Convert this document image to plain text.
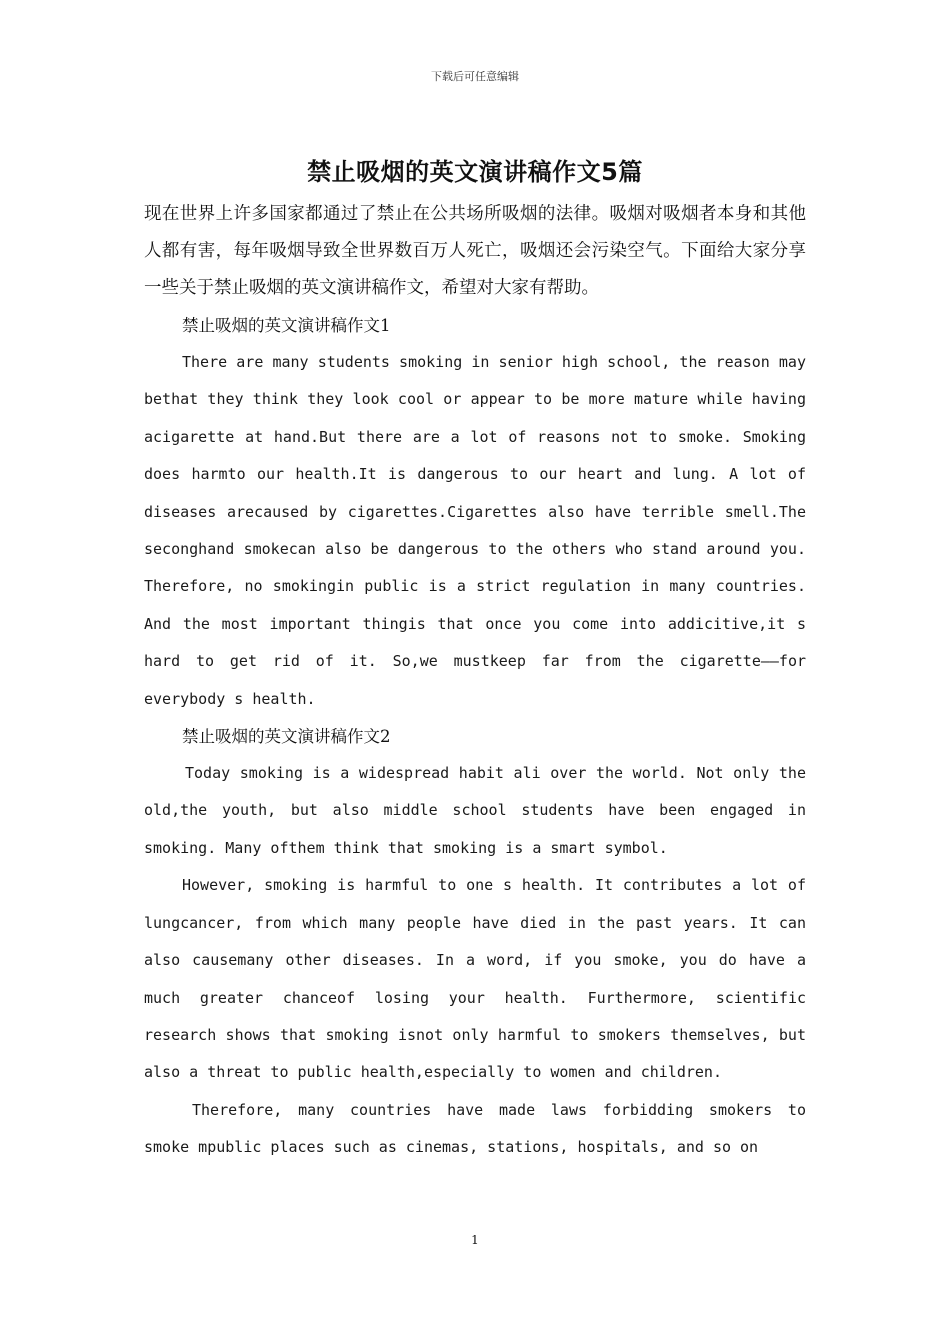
下载后可任意编辑
禁止吸烟的英文演讲稿作文5篇

现在世界上许多国家都通过了禁止在公共场所吸烟的法律。吸烟对吸烟者本身和其他人都有害，每年吸烟导致全世界数百万人死亡，吸烟还会污染空气。下面给大家分享一些关于禁止吸烟的英文演讲稿作文，希望对大家有帮助。

禁止吸烟的英文演讲稿作文1

There are many students smoking in senior high school, the reason may bethat they think they look cool or appear to be more mature while having acigarette at hand.But there are a lot of reasons not to smoke. Smoking does harmto our health.It is dangerous to our heart and lung. A lot of diseases arecaused by cigarettes.Cigarettes also have terrible smell.The seconghand smokecan also be dangerous to the others who stand around you. Therefore, no smokingin public is a strict regulation in many countries. And the most important thingis that once you come into addicitive,it s hard to get rid of it. So,we mustkeep far from the cigarette——for everybody s health.

禁止吸烟的英文演讲稿作文2

Today smoking is a widespread habit ali over the world. Not only the old,the youth, but also middle school students have been engaged in smoking. Many ofthem think that smoking is a smart symbol.

However, smoking is harmful to one s health. It contributes a lot of lungcancer, from which many people have died in the past years. It can also causemany other diseases. In a word, if you smoke, you do have a much greater chanceof losing your health. Furthermore, scientific research shows that smoking isnot only harmful to smokers themselves, but also a threat to public health,especially to women and children.

Therefore, many countries have made laws forbidding smokers to smoke mpublic places such as cinemas, stations, hospitals, and so on

1
